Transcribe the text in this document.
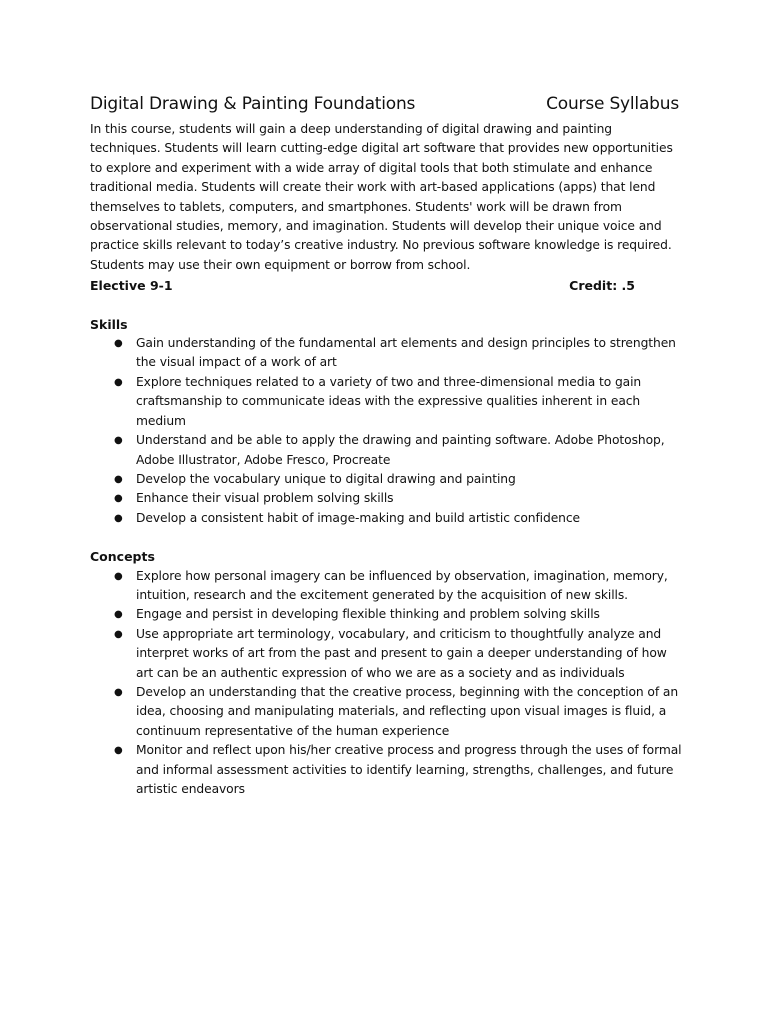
Digital Drawing & Painting Foundations	Course Syllabus

In this course, students will gain a deep understanding of digital drawing and painting techniques. Students will learn cutting-edge digital art software that provides new opportunities to explore and experiment with a wide array of digital tools that both stimulate and enhance traditional media. Students will create their work with art-based applications (apps) that lend themselves to tablets, computers, and smartphones. Students' work will be drawn from observational studies, memory, and imagination. Students will develop their unique voice and practice skills relevant to today’s creative industry. No previous software knowledge is required. Students may use their own equipment or borrow from school.

Elective 9-1	Credit: .5
Skills
● Gain understanding of the fundamental art elements and design principles to strengthen the visual impact of a work of art
● Explore techniques related to a variety of two and three-dimensional media to gain craftsmanship to communicate ideas with the expressive qualities inherent in each medium
● Understand and be able to apply the drawing and painting software. Adobe Photoshop, Adobe Illustrator, Adobe Fresco, Procreate
● Develop the vocabulary unique to digital drawing and painting
● Enhance their visual problem solving skills
● Develop a consistent habit of image-making and build artistic confidence
Concepts
● Explore how personal imagery can be influenced by observation, imagination, memory, intuition, research and the excitement generated by the acquisition of new skills.
● Engage and persist in developing flexible thinking and problem solving skills
● Use appropriate art terminology, vocabulary, and criticism to thoughtfully analyze and interpret works of art from the past and present to gain a deeper understanding of how art can be an authentic expression of who we are as a society and as individuals
● Develop an understanding that the creative process, beginning with the conception of an idea, choosing and manipulating materials, and reflecting upon visual images is fluid, a continuum representative of the human experience
● Monitor and reflect upon his/her creative process and progress through the uses of formal and informal assessment activities to identify learning, strengths, challenges, and future artistic endeavors
